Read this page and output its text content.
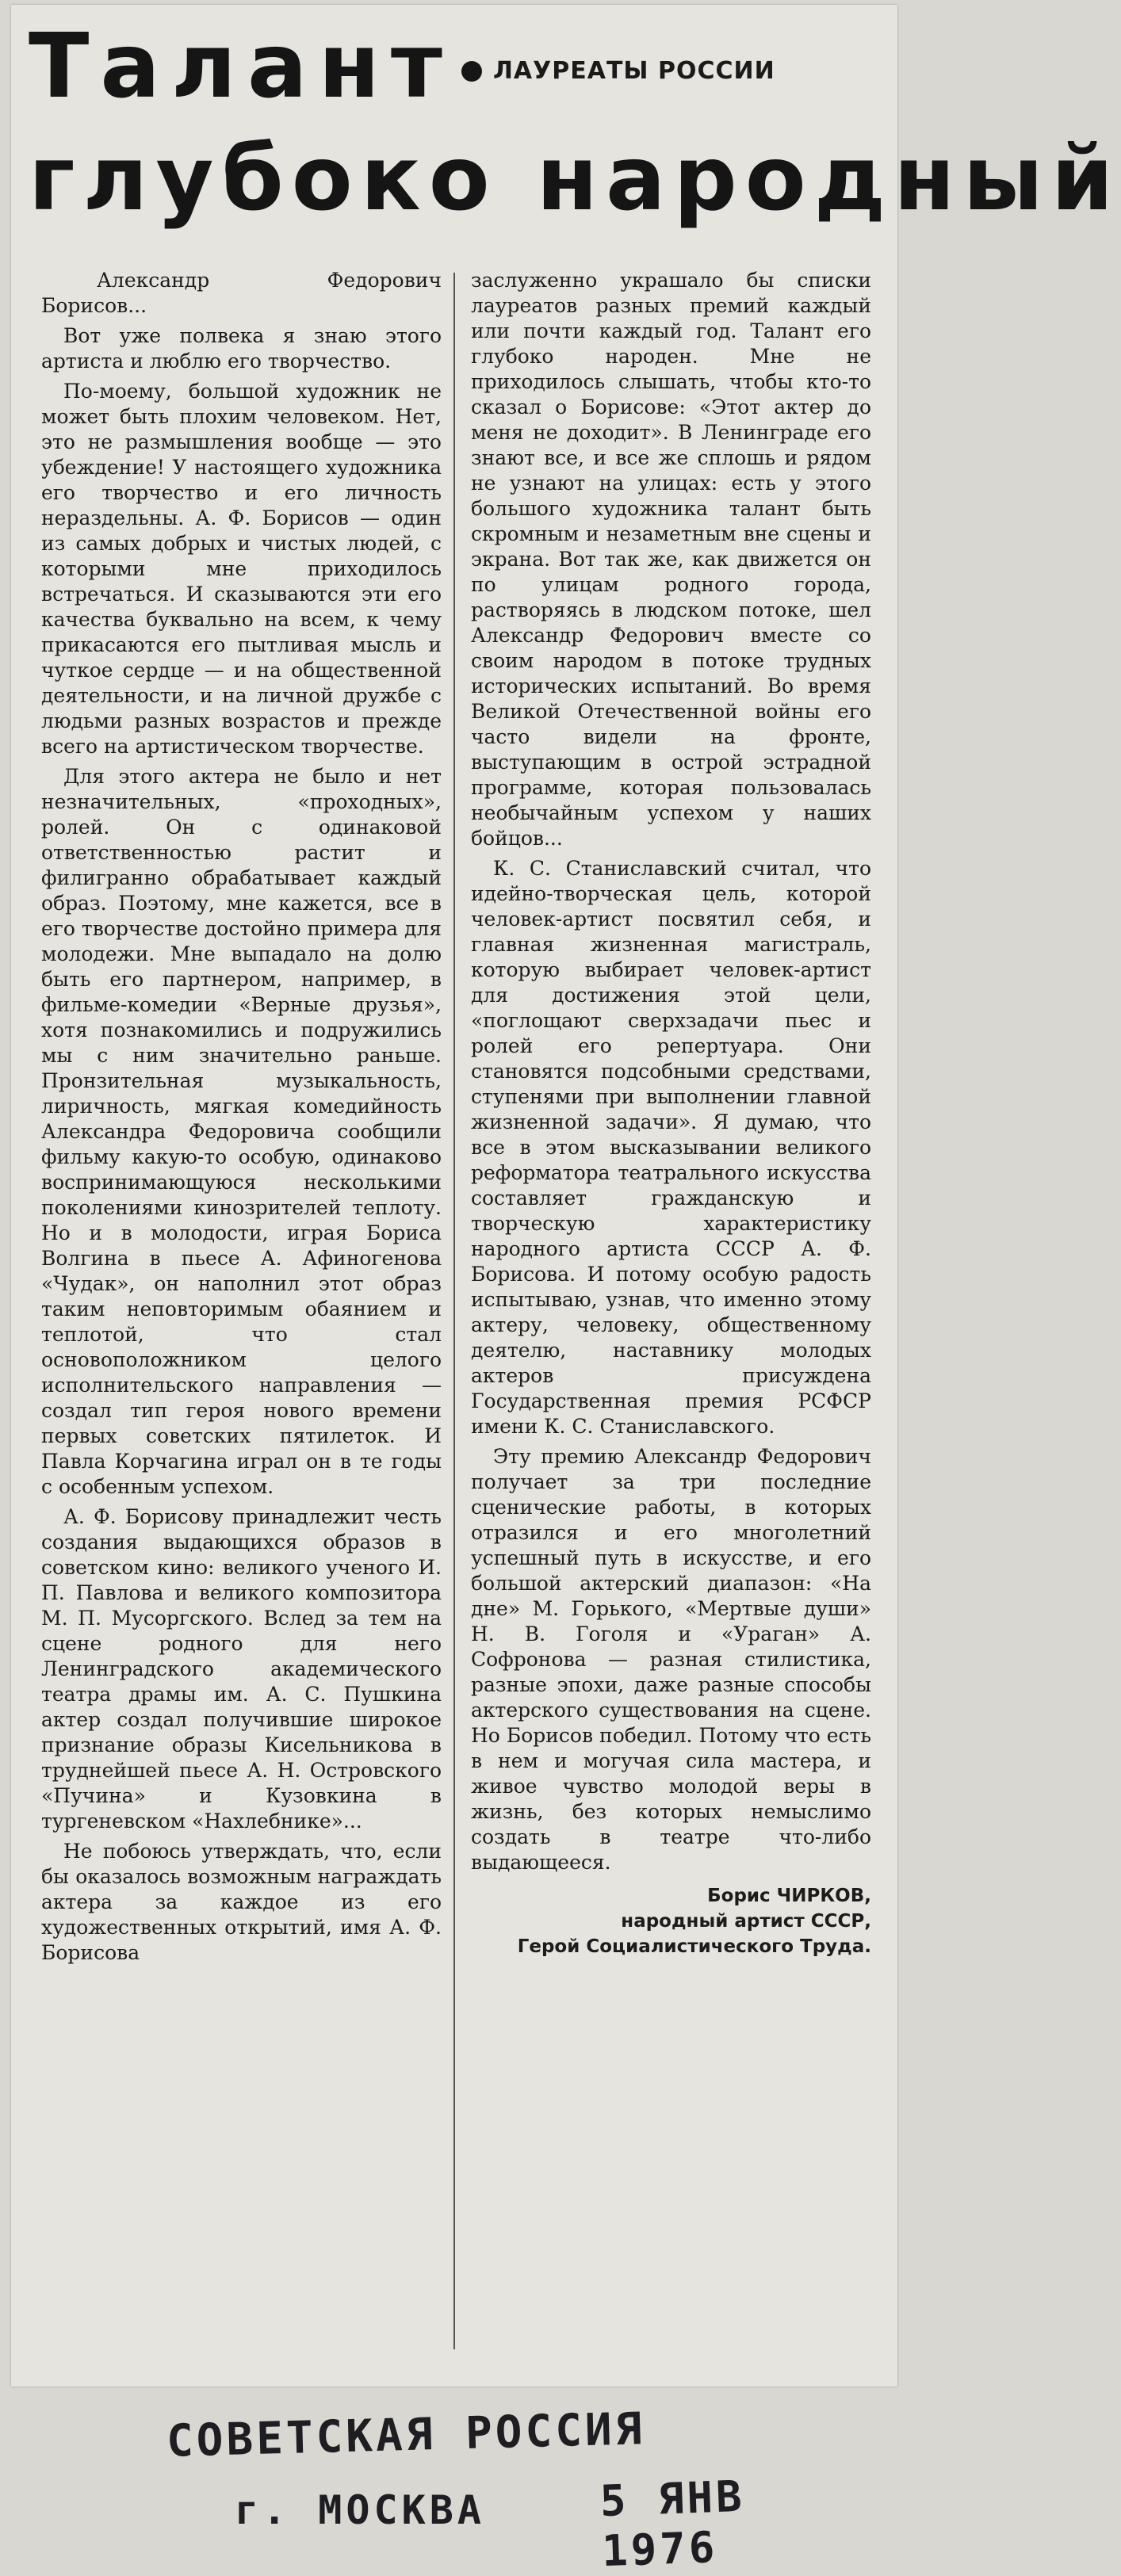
Талант
глубоко народный
ЛАУРЕАТЫ РОССИИ

Александр Федорович Борисов...

Вот уже полвека я знаю этого артиста и люблю его творчество.

По-моему, большой художник не может быть плохим человеком. Нет, это не размышления вообще — это убеждение! У настоящего художника его творчество и его личность нераздельны. А. Ф. Борисов — один из самых добрых и чистых людей, с которыми мне приходилось встречаться. И сказываются эти его качества буквально на всем, к чему прикасаются его пытливая мысль и чуткое сердце — и на общественной деятельности, и на личной дружбе с людьми разных возрастов и прежде всего на артистическом творчестве.

Для этого актера не было и нет незначительных, «проходных», ролей. Он с одинаковой ответственностью растит и филигранно обрабатывает каждый образ. Поэтому, мне кажется, все в его творчестве достойно примера для молодежи. Мне выпадало на долю быть его партнером, например, в фильме-комедии «Верные друзья», хотя познакомились и подружились мы с ним значительно раньше. Пронзительная музыкальность, лиричность, мягкая комедийность Александра Федоровича сообщили фильму какую-то особую, одинаково воспринимающуюся несколькими поколениями кинозрителей теплоту. Но и в молодости, играя Бориса Волгина в пьесе А. Афиногенова «Чудак», он наполнил этот образ таким неповторимым обаянием и теплотой, что стал основоположником целого исполнительского направления — создал тип героя нового времени первых советских пятилеток. И Павла Корчагина играл он в те годы с особенным успехом.

А. Ф. Борисову принадлежит честь создания выдающихся образов в советском кино: великого ученого И. П. Павлова и великого композитора М. П. Мусоргского. Вслед за тем на сцене родного для него Ленинградского академического театра драмы им. А. С. Пушкина актер создал получившие широкое признание образы Кисельникова в труднейшей пьесе А. Н. Островского «Пучина» и Кузовкина в тургеневском «Нахлебнике»...

Не побоюсь утверждать, что, если бы оказалось возможным награждать актера за каждое из его художественных открытий, имя А. Ф. Борисова

заслуженно украшало бы списки лауреатов разных премий каждый или почти каждый год. Талант его глубоко народен. Мне не приходилось слышать, чтобы кто-то сказал о Борисове: «Этот актер до меня не доходит». В Ленинграде его знают все, и все же сплошь и рядом не узнают на улицах: есть у этого большого художника талант быть скромным и незаметным вне сцены и экрана. Вот так же, как движется он по улицам родного города, растворяясь в людском потоке, шел Александр Федорович вместе со своим народом в потоке трудных исторических испытаний. Во время Великой Отечественной войны его часто видели на фронте, выступающим в острой эстрадной программе, которая пользовалась необычайным успехом у наших бойцов...

К. С. Станиславский считал, что идейно-творческая цель, которой человек-артист посвятил себя, и главная жизненная магистраль, которую выбирает человек-артист для достижения этой цели, «поглощают сверхзадачи пьес и ролей его репертуара. Они становятся подсобными средствами, ступенями при выполнении главной жизненной задачи». Я думаю, что все в этом высказывании великого реформатора театрального искусства составляет гражданскую и творческую характеристику народного артиста СССР А. Ф. Борисова. И потому особую радость испытываю, узнав, что именно этому актеру, человеку, общественному деятелю, наставнику молодых актеров присуждена Государственная премия РСФСР имени К. С. Станиславского.

Эту премию Александр Федорович получает за три последние сценические работы, в которых отразился и его многолетний успешный путь в искусстве, и его большой актерский диапазон: «На дне» М. Горького, «Мертвые души» Н. В. Гоголя и «Ураган» А. Софронова — разная стилистика, разные эпохи, даже разные способы актерского существования на сцене. Но Борисов победил. Потому что есть в нем и могучая сила мастера, и живое чувство молодой веры в жизнь, без которых немыслимо создать в театре что-либо выдающееся.

Борис ЧИРКОВ,
народный артист СССР,
Герой Социалистического Труда.
СОВЕТСКАЯ РОССИЯ
г. МОСКВА	5 ЯНВ 1976
